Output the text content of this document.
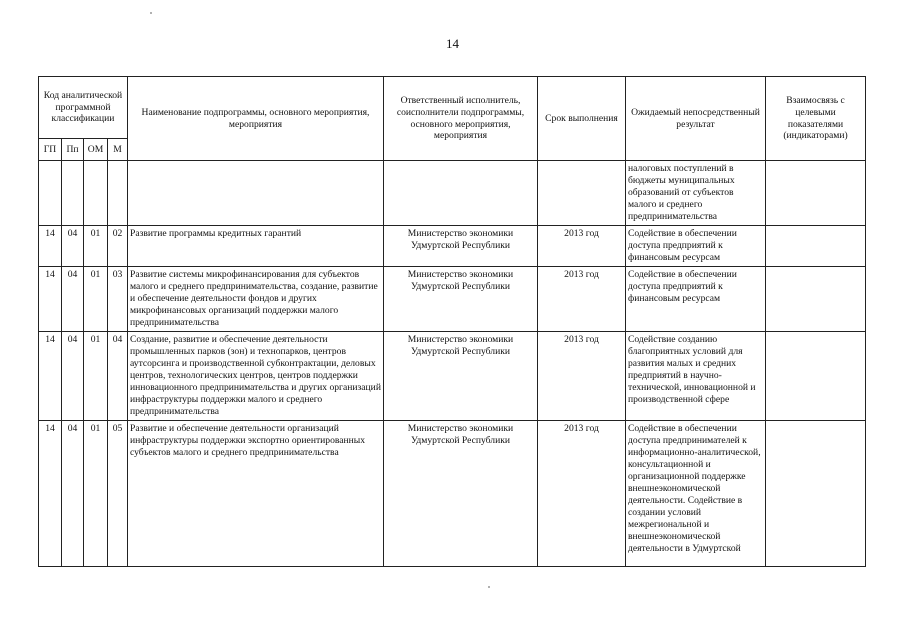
14
Код аналитической программной классификации				Наименование подпрограммы, основного мероприятия, мероприятия	Ответственный исполнитель, соисполнители подпрограммы, основного мероприятия, мероприятия	Срок выполнения	Ожидаемый непосредственный результат	Взаимосвязь с целевыми показателями (индикаторами)
ГП	Пп	ОМ	М					
							налоговых поступлений в бюджеты муниципальных образований от субъектов малого и среднего предпринимательства	
14	04	01	02	Развитие программы кредитных гарантий	Министерство экономики Удмуртской Республики	2013 год	Содействие в обеспечении доступа предприятий к финансовым ресурсам	
14	04	01	03	Развитие системы микрофинансирования для субъектов малого и среднего предпринимательства, создание, развитие и обеспечение деятельности фондов и других микрофинансовых организаций поддержки малого предпринимательства	Министерство экономики Удмуртской Республики	2013 год	Содействие в обеспечении доступа предприятий к финансовым ресурсам	
14	04	01	04	Создание, развитие и обеспечение деятельности промышленных парков (зон) и технопарков, центров аутсорсинга и производственной субконтрактации, деловых центров, технологических центров, центров поддержки инновационного предпринимательства и других организаций инфраструктуры поддержки малого и среднего предпринимательства	Министерство экономики Удмуртской Республики	2013 год	Содействие созданию благоприятных условий для развития малых и средних предприятий в научно-технической, инновационной и производственной сфере	
14	04	01	05	Развитие и обеспечение деятельности организаций инфраструктуры поддержки экспортно ориентированных субъектов малого и среднего предпринимательства	Министерство экономики Удмуртской Республики	2013 год	Содействие в обеспечении доступа предпринимателей к информационно-аналитической, консультационной и организационной поддержке внешнеэкономической деятельности. Содействие в создании условий межрегиональной и внешнеэкономической деятельности в Удмуртской	
